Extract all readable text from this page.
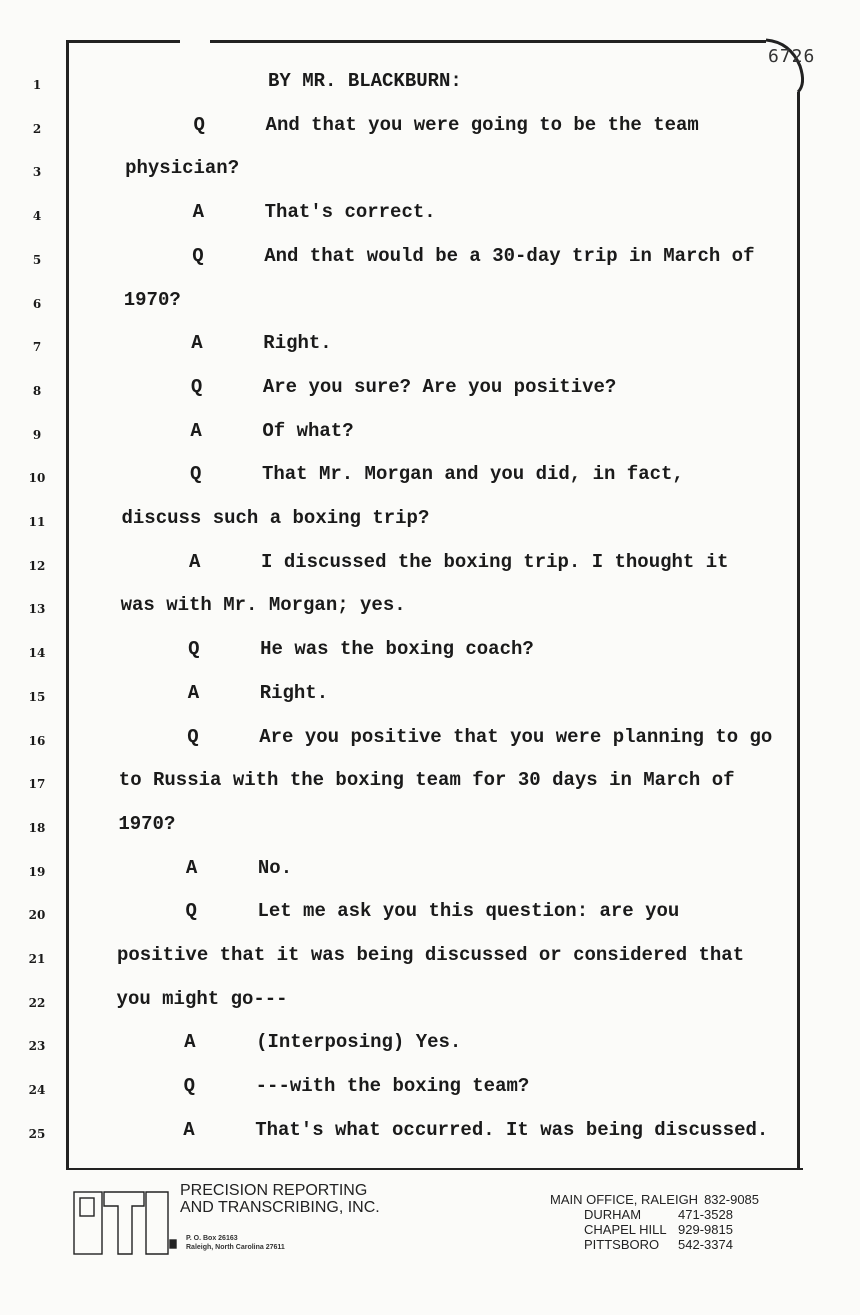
6726
1	BY MR. BLACKBURN:
2	Q	And that you were going to be the team
3	physician?
4	A	That's correct.
5	Q	And that would be a 30-day trip in March of
6	1970?
7	A	Right.
8	Q	Are you sure? Are you positive?
9	A	Of what?
10	Q	That Mr. Morgan and you did, in fact,
11	discuss such a boxing trip?
12	A	I discussed the boxing trip. I thought it
13	was with Mr. Morgan; yes.
14	Q	He was the boxing coach?
15	A	Right.
16	Q	Are you positive that you were planning to go
17	to Russia with the boxing team for 30 days in March of
18	1970?
19	A	No.
20	Q	Let me ask you this question: are you
21	positive that it was being discussed or considered that
22	you might go---
23	A	(Interposing) Yes.
24	Q	---with the boxing team?
25	A	That's what occurred. It was being discussed.
PRECISION REPORTING
AND TRANSCRIBING, INC.
P. O. Box 26163
Raleigh, North Carolina 27611
MAIN OFFICE, RALEIGH 832-9085
DURHAM	471-3528
CHAPEL HILL 929-9815
PITTSBORO	542-3374
